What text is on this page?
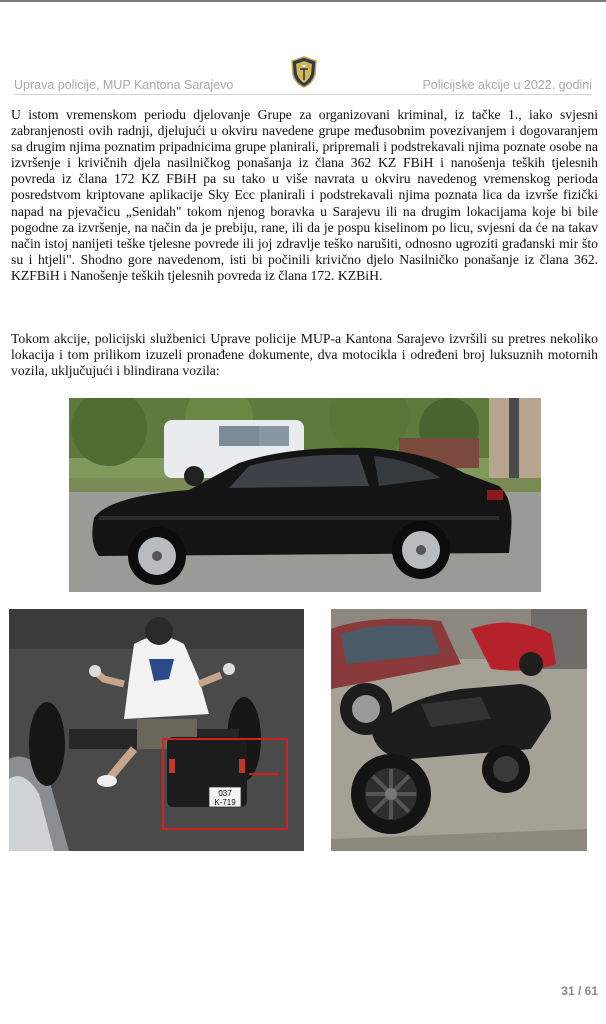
Uprava policije, MUP Kantona Sarajevo	Policijske akcije u 2022. godini

U istom vremenskom periodu djelovanje Grupe za organizovani kriminal, iz tačke 1., iako svjesni zabranjenosti ovih radnji, djelujući u okviru navedene grupe međusobnim povezivanjem i dogovaranjem sa drugim njima poznatim pripadnicima grupe planirali, pripremali i podstrekavali njima poznate osobe na izvršenje i krivičnih djela nasilničkog ponašanja iz člana 362 KZ FBiH i nanošenja teških tjelesnih povreda iz člana 172 KZ FBiH pa su tako u više navrata u okviru navedenog vremenskog perioda posredstvom kriptovane aplikacije Sky Ecc planirali i podstrekavali njima poznata lica da izvrše fizički napad na pjevačicu „Senidah" tokom njenog boravka u Sarajevu ili na drugim lokacijama koje bi bile pogodne za izvršenje, na način da je prebiju, rane, ili da je pospu kiselinom po licu, svjesni da će na takav način istoj nanijeti teške tjelesne povrede ili joj zdravlje teško narušiti, odnosno ugroziti građanski mir što su i htjeli". Shodno gore navedenom, isti bi počinili krivično djelo Nasilničko ponašanje iz člana 362. KZFBiH i Nanošenje teških tjelesnih povreda iz člana 172. KZBiH.

Tokom akcije, policijski službenici Uprave policije MUP-a Kantona Sarajevo izvršili su pretres nekoliko lokacija i tom prilikom izuzeli pronađene dokumente, dva motocikla i određeni broj luksuznih motornih vozila, uključujući i blindirana vozila:

037
K-719
31 / 61
